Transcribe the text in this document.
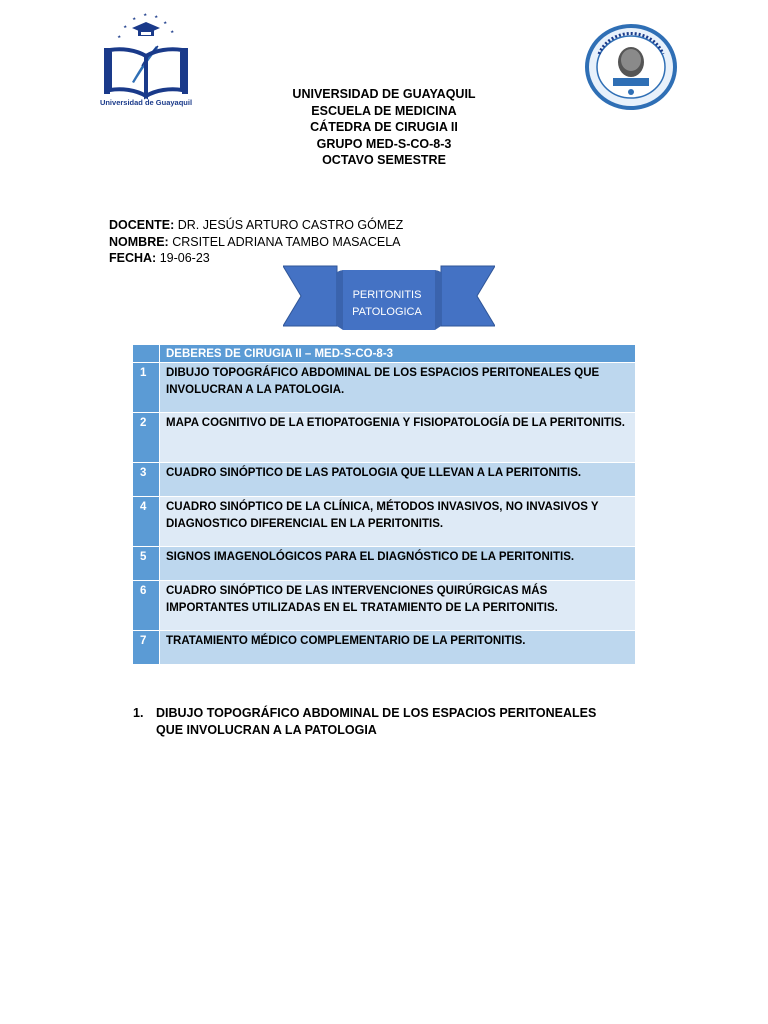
Universidad de Guayaquil
UNIVERSIDAD DE GUAYAQUIL
ESCUELA DE MEDICINA
CÁTEDRA DE CIRUGIA II
GRUPO MED-S-CO-8-3
OCTAVO SEMESTRE
DOCENTE: DR. JESÚS ARTURO CASTRO GÓMEZ
NOMBRE: CRSITEL ADRIANA TAMBO MASACELA
FECHA: 19-06-23
PERITONITIS
PATOLOGICA
DEBERES DE CIRUGIA II – MED-S-CO-8-3
1	DIBUJO TOPOGRÁFICO ABDOMINAL DE LOS ESPACIOS PERITONEALES QUE INVOLUCRAN A LA PATOLOGIA.
2	MAPA COGNITIVO DE LA ETIOPATOGENIA Y FISIOPATOLOGÍA DE LA PERITONITIS.
3	CUADRO SINÓPTICO DE LAS PATOLOGIA QUE LLEVAN A LA PERITONITIS.
4	CUADRO SINÓPTICO DE LA CLÍNICA, MÉTODOS INVASIVOS, NO INVASIVOS Y DIAGNOSTICO DIFERENCIAL EN LA PERITONITIS.
5	SIGNOS IMAGENOLÓGICOS PARA EL DIAGNÓSTICO DE LA PERITONITIS.
6	CUADRO SINÓPTICO DE LAS INTERVENCIONES QUIRÚRGICAS MÁS IMPORTANTES UTILIZADAS EN EL TRATAMIENTO DE LA PERITONITIS.
7	TRATAMIENTO MÉDICO COMPLEMENTARIO DE LA PERITONITIS.
1.	DIBUJO TOPOGRÁFICO ABDOMINAL DE LOS ESPACIOS PERITONEALES QUE INVOLUCRAN A LA PATOLOGIA
